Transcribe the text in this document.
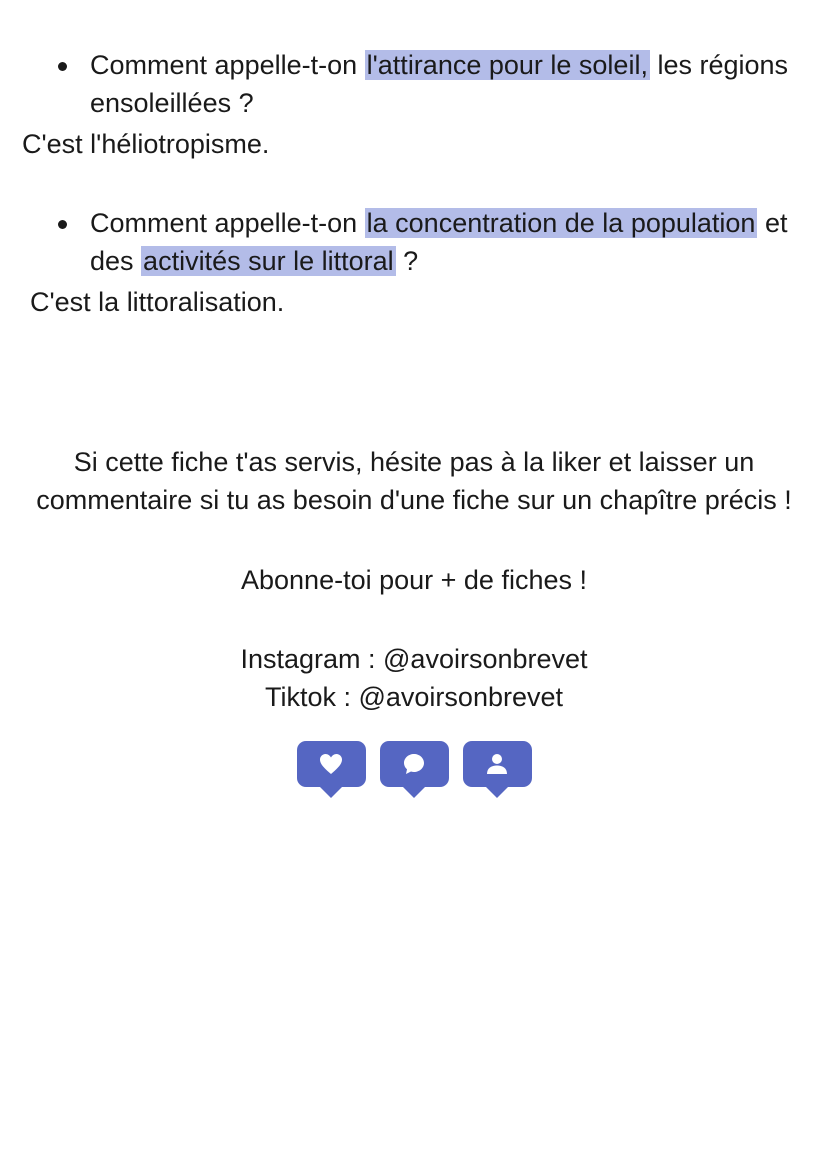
Comment appelle-t-on l'attirance pour le soleil, les régions ensoleillées ?
C'est l'héliotropisme.
Comment appelle-t-on la concentration de la population et des activités sur le littoral ?
C'est la littoralisation.
Si cette fiche t'as servis, hésite pas à la liker et laisser un
commentaire si tu as besoin d'une fiche sur un chapître précis !
Abonne-toi pour + de fiches !
Instagram : @avoirsonbrevet
Tiktok : @avoirsonbrevet
